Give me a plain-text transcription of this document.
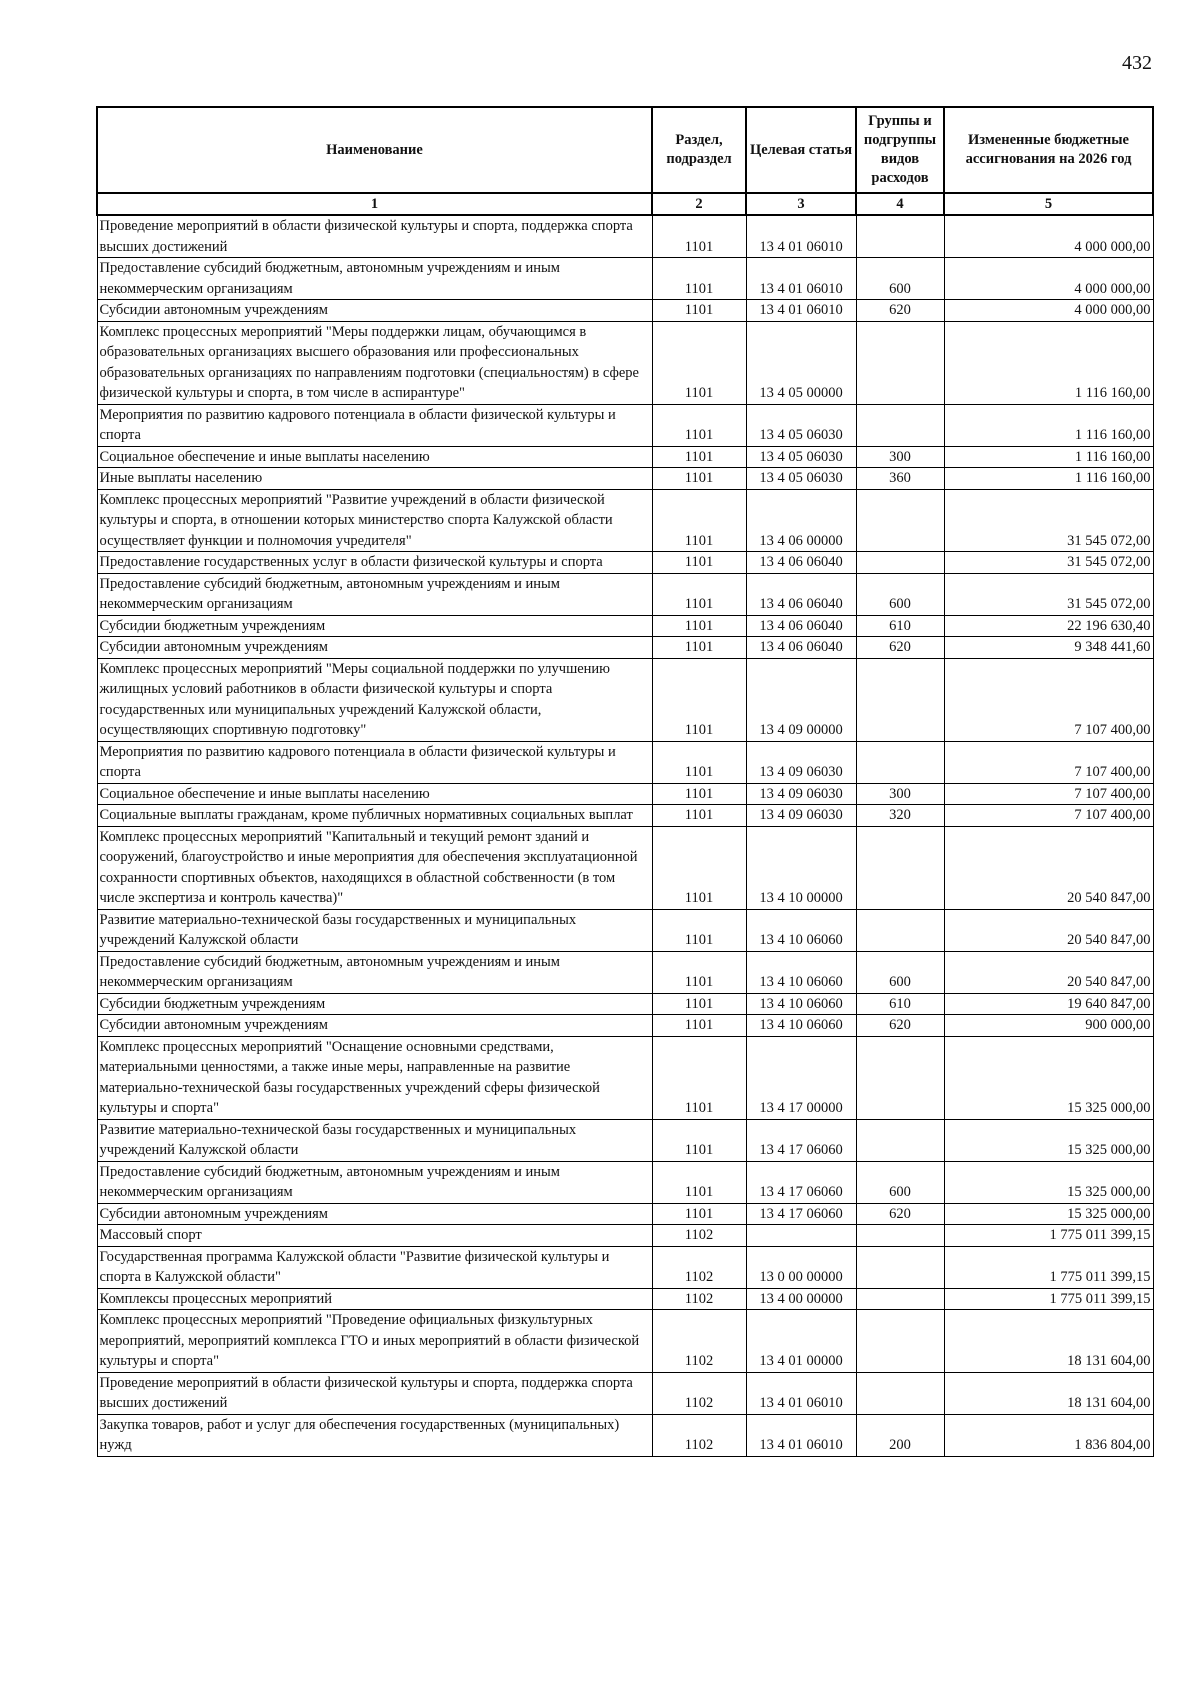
432
Наименование	Раздел, подраздел	Целевая статья	Группы и подгруппы видов расходов	Измененные бюджетные ассигнования на 2026 год
1	2	3	4	5
Проведение мероприятий в области физической культуры и спорта, поддержка спорта высших достижений	1101	13 4 01 06010		4 000 000,00
Предоставление субсидий бюджетным, автономным учреждениям и иным некоммерческим организациям	1101	13 4 01 06010	600	4 000 000,00
Субсидии автономным учреждениям	1101	13 4 01 06010	620	4 000 000,00
Комплекс процессных мероприятий "Меры поддержки лицам, обучающимся в образовательных организациях высшего образования или профессиональных образовательных организациях по направлениям подготовки (специальностям) в сфере физической культуры и спорта, в том числе в аспирантуре"	1101	13 4 05 00000		1 116 160,00
Мероприятия по развитию кадрового потенциала в области физической культуры и спорта	1101	13 4 05 06030		1 116 160,00
Социальное обеспечение и иные выплаты населению	1101	13 4 05 06030	300	1 116 160,00
Иные выплаты населению	1101	13 4 05 06030	360	1 116 160,00
Комплекс процессных мероприятий "Развитие учреждений в области физической культуры и спорта, в отношении которых министерство спорта Калужской области осуществляет функции и полномочия учредителя"	1101	13 4 06 00000		31 545 072,00
Предоставление государственных услуг в области физической культуры и спорта	1101	13 4 06 06040		31 545 072,00
Предоставление субсидий бюджетным, автономным учреждениям и иным некоммерческим организациям	1101	13 4 06 06040	600	31 545 072,00
Субсидии бюджетным учреждениям	1101	13 4 06 06040	610	22 196 630,40
Субсидии автономным учреждениям	1101	13 4 06 06040	620	9 348 441,60
Комплекс процессных мероприятий "Меры социальной поддержки по улучшению жилищных условий работников в области физической культуры и спорта государственных или муниципальных учреждений Калужской области, осуществляющих спортивную подготовку"	1101	13 4 09 00000		7 107 400,00
Мероприятия по развитию кадрового потенциала в области физической культуры и спорта	1101	13 4 09 06030		7 107 400,00
Социальное обеспечение и иные выплаты населению	1101	13 4 09 06030	300	7 107 400,00
Социальные выплаты гражданам, кроме публичных нормативных социальных выплат	1101	13 4 09 06030	320	7 107 400,00
Комплекс процессных мероприятий "Капитальный и текущий ремонт зданий и сооружений, благоустройство и иные мероприятия для обеспечения эксплуатационной сохранности спортивных объектов, находящихся в областной собственности (в том числе экспертиза и контроль качества)"	1101	13 4 10 00000		20 540 847,00
Развитие материально-технической базы государственных и муниципальных учреждений Калужской области	1101	13 4 10 06060		20 540 847,00
Предоставление субсидий бюджетным, автономным учреждениям и иным некоммерческим организациям	1101	13 4 10 06060	600	20 540 847,00
Субсидии бюджетным учреждениям	1101	13 4 10 06060	610	19 640 847,00
Субсидии автономным учреждениям	1101	13 4 10 06060	620	900 000,00
Комплекс процессных мероприятий "Оснащение основными средствами, материальными ценностями, а также иные меры, направленные на развитие материально-технической базы государственных учреждений сферы физической культуры и спорта"	1101	13 4 17 00000		15 325 000,00
Развитие материально-технической базы государственных и муниципальных учреждений Калужской области	1101	13 4 17 06060		15 325 000,00
Предоставление субсидий бюджетным, автономным учреждениям и иным некоммерческим организациям	1101	13 4 17 06060	600	15 325 000,00
Субсидии автономным учреждениям	1101	13 4 17 06060	620	15 325 000,00
Массовый спорт	1102			1 775 011 399,15
Государственная программа Калужской области "Развитие физической культуры и спорта в Калужской области"	1102	13 0 00 00000		1 775 011 399,15
Комплексы процессных мероприятий	1102	13 4 00 00000		1 775 011 399,15
Комплекс процессных мероприятий "Проведение официальных физкультурных мероприятий, мероприятий комплекса ГТО и иных мероприятий в области физической культуры и спорта"	1102	13 4 01 00000		18 131 604,00
Проведение мероприятий в области физической культуры и спорта, поддержка спорта высших достижений	1102	13 4 01 06010		18 131 604,00
Закупка товаров, работ и услуг для обеспечения государственных (муниципальных) нужд	1102	13 4 01 06010	200	1 836 804,00
